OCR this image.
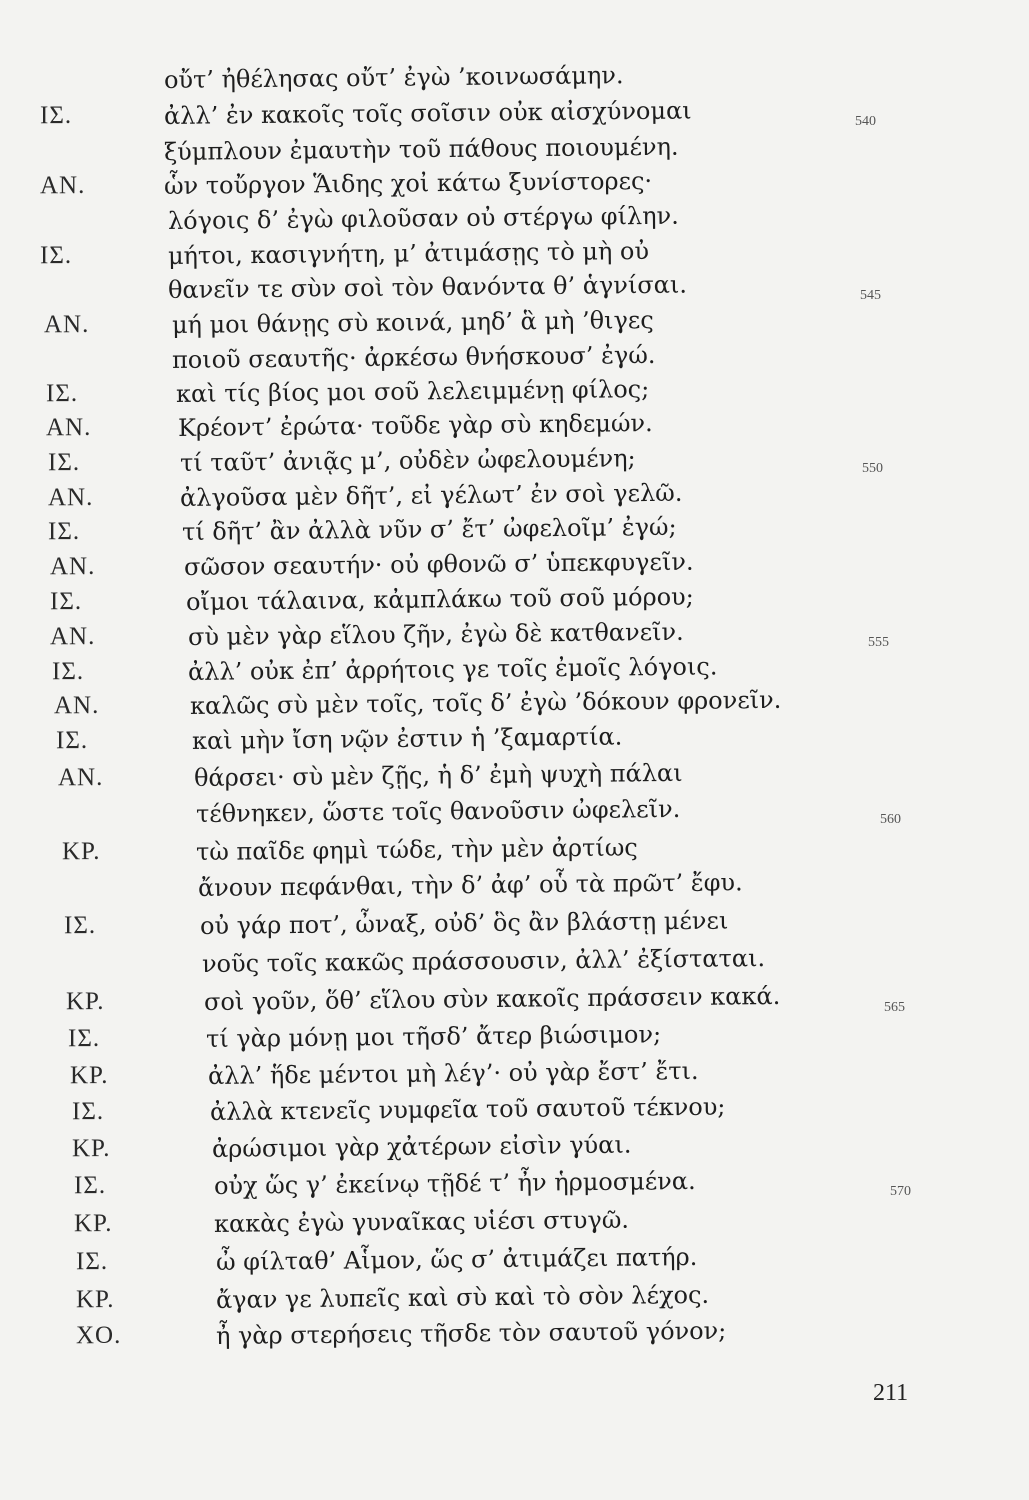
οὔτ’ ἠθέλησας οὔτ’ ἐγὼ ’κοινωσάμην.
ΙΣ.	ἀλλ’ ἐν κακοῖς τοῖς σοῖσιν οὐκ αἰσχύνομαι	540
ξύμπλουν ἐμαυτὴν τοῦ πάθους ποιουμένη.
ΑΝ.	ὧν τοὔργον Ἅιδης χοἰ κάτω ξυνίστορες·
λόγοις δ’ ἐγὼ φιλοῦσαν οὐ στέργω φίλην.
ΙΣ.	μήτοι, κασιγνήτη, μ’ ἀτιμάσῃς τὸ μὴ οὐ
θανεῖν τε σὺν σοὶ τὸν θανόντα θ’ ἁγνίσαι.	545
ΑΝ.	μή μοι θάνῃς σὺ κοινά, μηδ’ ἃ μὴ ’θιγες
ποιοῦ σεαυτῆς· ἀρκέσω θνήσκουσ’ ἐγώ.
ΙΣ.	καὶ τίς βίος μοι σοῦ λελειμμένῃ φίλος;
ΑΝ.	Κρέοντ’ ἐρώτα· τοῦδε γὰρ σὺ κηδεμών.
ΙΣ.	τί ταῦτ’ ἀνιᾷς μ’, οὐδὲν ὠφελουμένη;	550
ΑΝ.	ἀλγοῦσα μὲν δῆτ’, εἰ γέλωτ’ ἐν σοὶ γελῶ.
ΙΣ.	τί δῆτ’ ἂν ἀλλὰ νῦν σ’ ἔτ’ ὠφελοῖμ’ ἐγώ;
ΑΝ.	σῶσον σεαυτήν· οὐ φθονῶ σ’ ὑπεκφυγεῖν.
ΙΣ.	οἴμοι τάλαινα, κἀμπλάκω τοῦ σοῦ μόρου;
ΑΝ.	σὺ μὲν γὰρ εἵλου ζῆν, ἐγὼ δὲ κατθανεῖν.	555
ΙΣ.	ἀλλ’ οὐκ ἐπ’ ἀρρήτοις γε τοῖς ἐμοῖς λόγοις.
ΑΝ.	καλῶς σὺ μὲν τοῖς, τοῖς δ’ ἐγὼ ’δόκουν φρονεῖν.
ΙΣ.	καὶ μὴν ἴση νῷν ἐστιν ἡ ’ξαμαρτία.
ΑΝ.	θάρσει· σὺ μὲν ζῇς, ἡ δ’ ἐμὴ ψυχὴ πάλαι
τέθνηκεν, ὥστε τοῖς θανοῦσιν ὠφελεῖν.	560
ΚΡ.	τὼ παῖδε φημὶ τώδε, τὴν μὲν ἀρτίως
ἄνουν πεφάνθαι, τὴν δ’ ἀφ’ οὗ τὰ πρῶτ’ ἔφυ.
ΙΣ.	οὐ γάρ ποτ’, ὦναξ, οὐδ’ ὃς ἂν βλάστῃ μένει
νοῦς τοῖς κακῶς πράσσουσιν, ἀλλ’ ἐξίσταται.
ΚΡ.	σοὶ γοῦν, ὅθ’ εἵλου σὺν κακοῖς πράσσειν κακά.	565
ΙΣ.	τί γὰρ μόνῃ μοι τῆσδ’ ἄτερ βιώσιμον;
ΚΡ.	ἀλλ’ ἥδε μέντοι μὴ λέγ’· οὐ γὰρ ἔστ’ ἔτι.
ΙΣ.	ἀλλὰ κτενεῖς νυμφεῖα τοῦ σαυτοῦ τέκνου;
ΚΡ.	ἀρώσιμοι γὰρ χἀτέρων εἰσὶν γύαι.
ΙΣ.	οὐχ ὥς γ’ ἐκείνῳ τῇδέ τ’ ἦν ἡρμοσμένα.	570
ΚΡ.	κακὰς ἐγὼ γυναῖκας υἱέσι στυγῶ.
ΙΣ.	ὦ φίλταθ’ Αἷμον, ὥς σ’ ἀτιμάζει πατήρ.
ΚΡ.	ἄγαν γε λυπεῖς καὶ σὺ καὶ τὸ σὸν λέχος.
ΧΟ.	ἦ γὰρ στερήσεις τῆσδε τὸν σαυτοῦ γόνον;
211
